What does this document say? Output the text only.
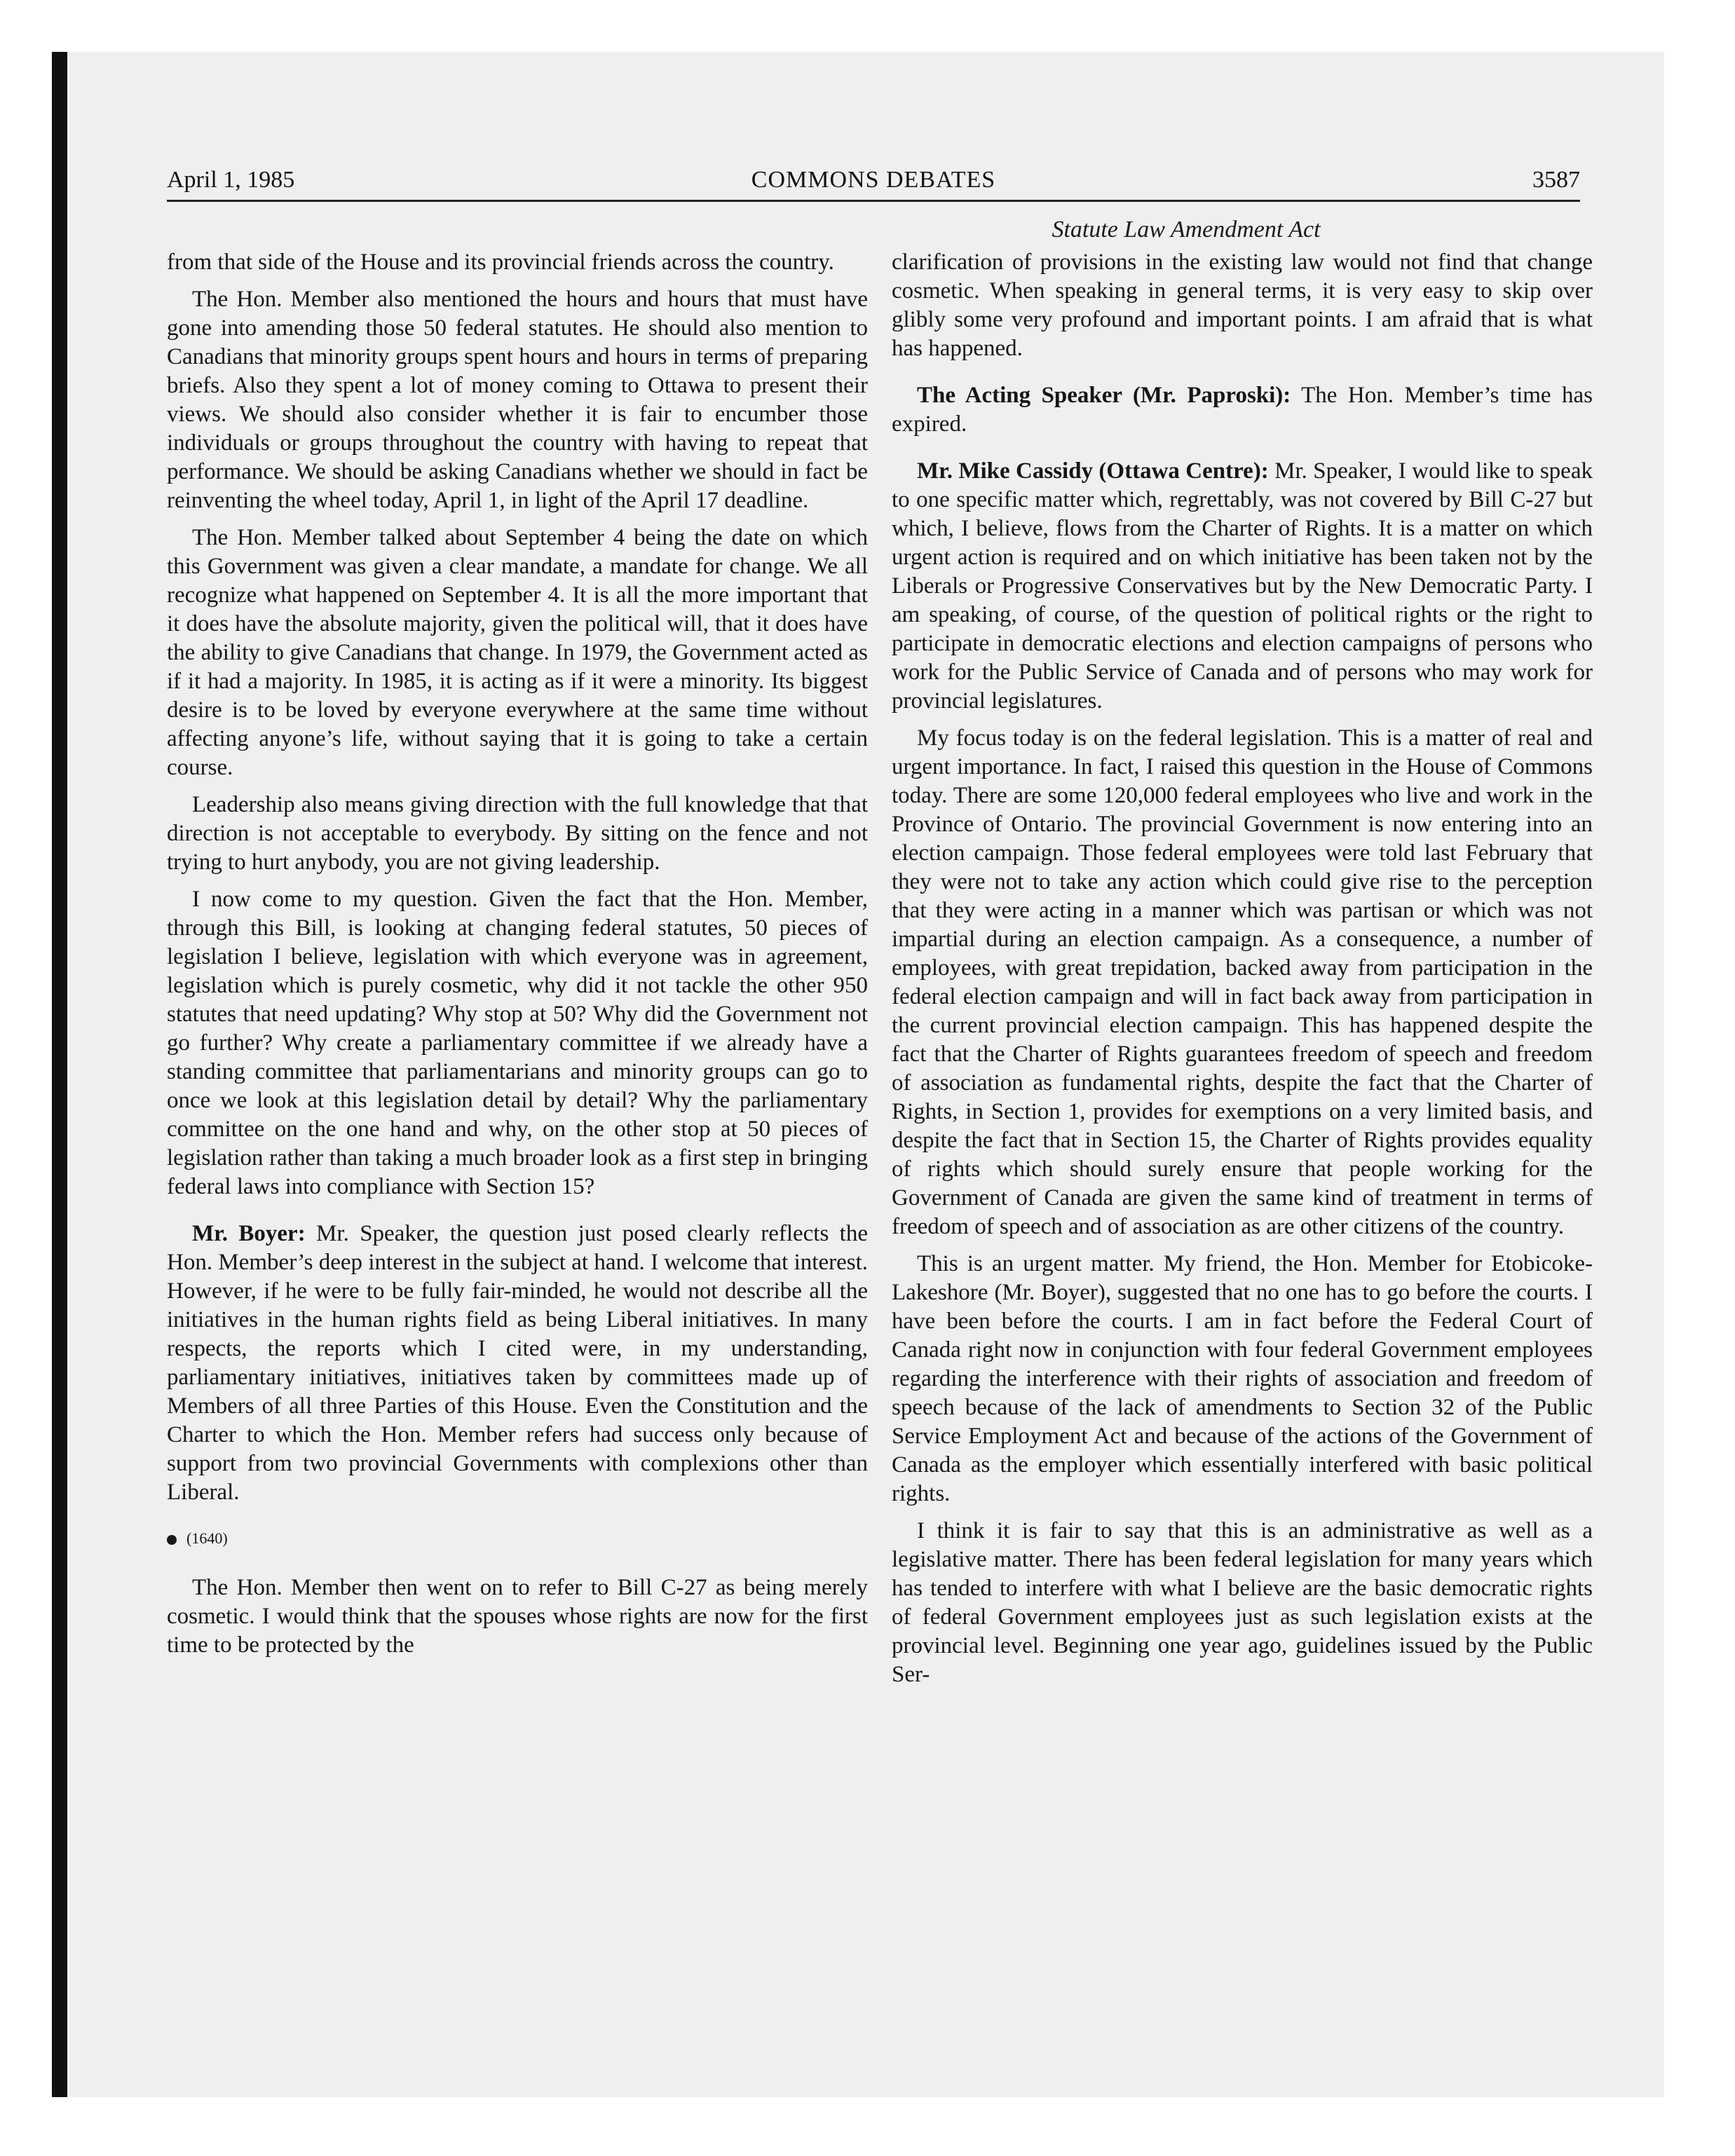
April 1, 1985	COMMONS DEBATES	3587
Statute Law Amendment Act

from that side of the House and its provincial friends across the country.

The Hon. Member also mentioned the hours and hours that must have gone into amending those 50 federal statutes. He should also mention to Canadians that minority groups spent hours and hours in terms of preparing briefs. Also they spent a lot of money coming to Ottawa to present their views. We should also consider whether it is fair to encumber those individuals or groups throughout the country with having to repeat that performance. We should be asking Canadians whether we should in fact be reinventing the wheel today, April 1, in light of the April 17 deadline.

The Hon. Member talked about September 4 being the date on which this Government was given a clear mandate, a mandate for change. We all recognize what happened on September 4. It is all the more important that it does have the absolute majority, given the political will, that it does have the ability to give Canadians that change. In 1979, the Government acted as if it had a majority. In 1985, it is acting as if it were a minority. Its biggest desire is to be loved by everyone everywhere at the same time without affecting anyone’s life, without saying that it is going to take a certain course.

Leadership also means giving direction with the full knowledge that that direction is not acceptable to everybody. By sitting on the fence and not trying to hurt anybody, you are not giving leadership.

I now come to my question. Given the fact that the Hon. Member, through this Bill, is looking at changing federal statutes, 50 pieces of legislation I believe, legislation with which everyone was in agreement, legislation which is purely cosmetic, why did it not tackle the other 950 statutes that need updating? Why stop at 50? Why did the Government not go further? Why create a parliamentary committee if we already have a standing committee that parliamentarians and minority groups can go to once we look at this legislation detail by detail? Why the parliamentary committee on the one hand and why, on the other stop at 50 pieces of legislation rather than taking a much broader look as a first step in bringing federal laws into compliance with Section 15?

Mr. Boyer: Mr. Speaker, the question just posed clearly reflects the Hon. Member’s deep interest in the subject at hand. I welcome that interest. However, if he were to be fully fair-minded, he would not describe all the initiatives in the human rights field as being Liberal initiatives. In many respects, the reports which I cited were, in my understanding, parliamentary initiatives, initiatives taken by committees made up of Members of all three Parties of this House. Even the Constitution and the Charter to which the Hon. Member refers had success only because of support from two provincial Governments with complexions other than Liberal.

(1640)

The Hon. Member then went on to refer to Bill C-27 as being merely cosmetic. I would think that the spouses whose rights are now for the first time to be protected by the

clarification of provisions in the existing law would not find that change cosmetic. When speaking in general terms, it is very easy to skip over glibly some very profound and important points. I am afraid that is what has happened.

The Acting Speaker (Mr. Paproski): The Hon. Member’s time has expired.

Mr. Mike Cassidy (Ottawa Centre): Mr. Speaker, I would like to speak to one specific matter which, regrettably, was not covered by Bill C-27 but which, I believe, flows from the Charter of Rights. It is a matter on which urgent action is required and on which initiative has been taken not by the Liberals or Progressive Conservatives but by the New Democratic Party. I am speaking, of course, of the question of political rights or the right to participate in democratic elections and election campaigns of persons who work for the Public Service of Canada and of persons who may work for provincial legislatures.

My focus today is on the federal legislation. This is a matter of real and urgent importance. In fact, I raised this question in the House of Commons today. There are some 120,000 federal employees who live and work in the Province of Ontario. The provincial Government is now entering into an election campaign. Those federal employees were told last February that they were not to take any action which could give rise to the perception that they were acting in a manner which was partisan or which was not impartial during an election campaign. As a consequence, a number of employees, with great trepidation, backed away from participation in the federal election campaign and will in fact back away from participation in the current provincial election campaign. This has happened despite the fact that the Charter of Rights guarantees freedom of speech and freedom of association as fundamental rights, despite the fact that the Charter of Rights, in Section 1, provides for exemptions on a very limited basis, and despite the fact that in Section 15, the Charter of Rights provides equality of rights which should surely ensure that people working for the Government of Canada are given the same kind of treatment in terms of freedom of speech and of association as are other citizens of the country.

This is an urgent matter. My friend, the Hon. Member for Etobicoke-Lakeshore (Mr. Boyer), suggested that no one has to go before the courts. I have been before the courts. I am in fact before the Federal Court of Canada right now in conjunction with four federal Government employees regarding the interference with their rights of association and freedom of speech because of the lack of amendments to Section 32 of the Public Service Employment Act and because of the actions of the Government of Canada as the employer which essentially interfered with basic political rights.

I think it is fair to say that this is an administrative as well as a legislative matter. There has been federal legislation for many years which has tended to interfere with what I believe are the basic democratic rights of federal Government employees just as such legislation exists at the provincial level. Beginning one year ago, guidelines issued by the Public Ser-
